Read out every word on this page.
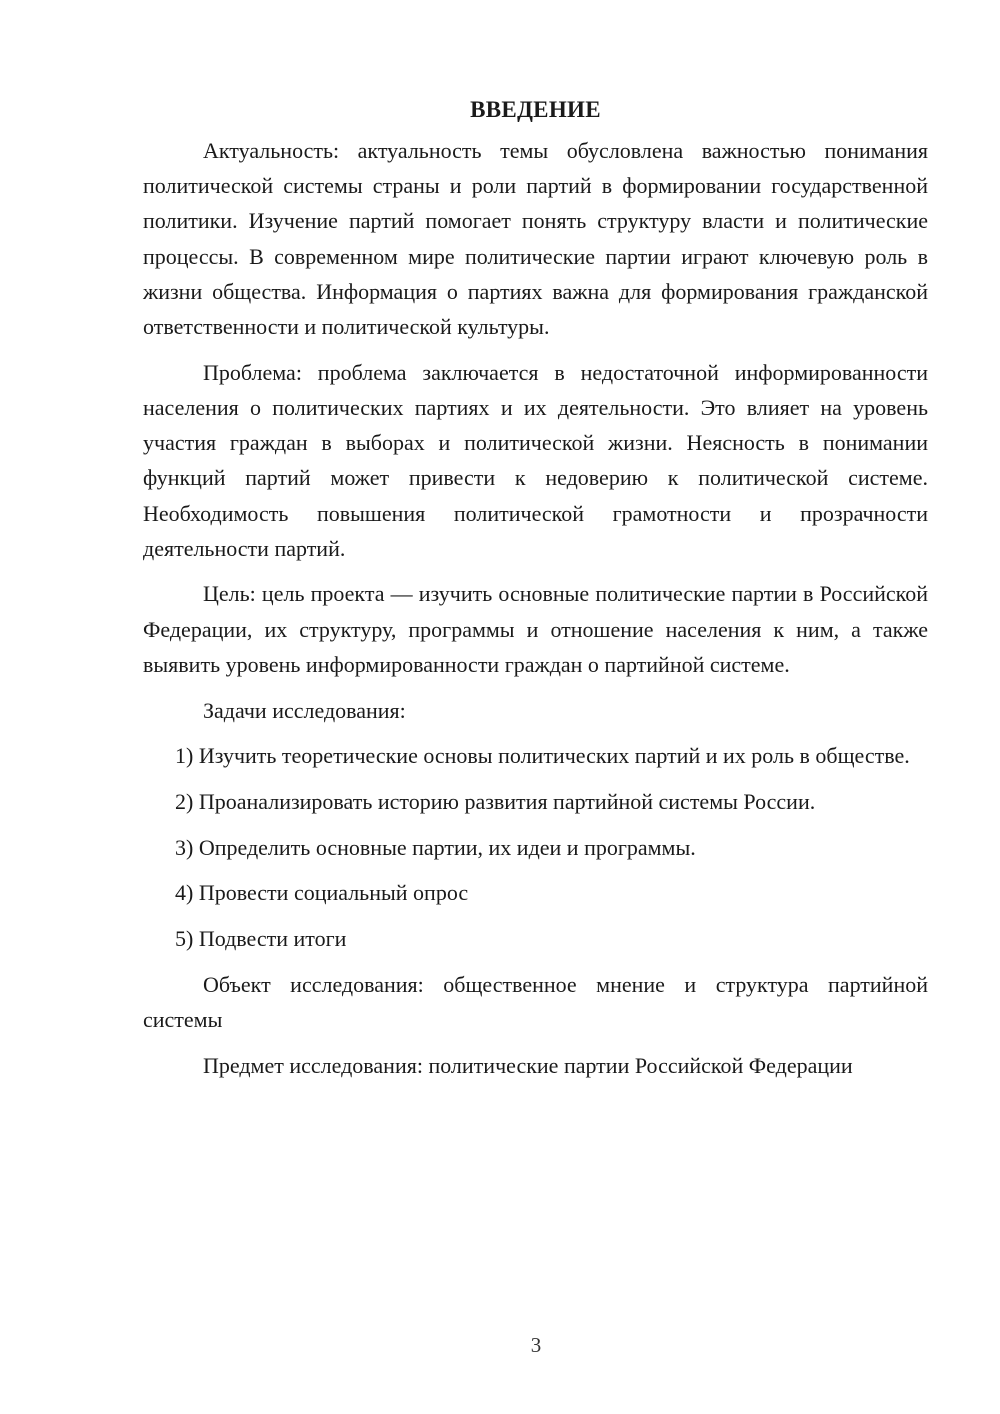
ВВЕДЕНИЕ

Актуальность: актуальность темы обусловлена важностью понимания политической системы страны и роли партий в формировании государственной политики. Изучение партий помогает понять структуру власти и политические процессы. В современном мире политические партии играют ключевую роль в жизни общества. Информация о партиях важна для формирования гражданской ответственности и политической культуры.

Проблема: проблема заключается в недостаточной информированности населения о политических партиях и их деятельности. Это влияет на уровень участия граждан в выборах и политической жизни. Неясность в понимании функций партий может привести к недоверию к политической системе. Необходимость повышения политической грамотности и прозрачности деятельности партий.

Цель: цель проекта — изучить основные политические партии в Российской Федерации, их структуру, программы и отношение населения к ним, а также выявить уровень информированности граждан о партийной системе.

Задачи исследования:

1) Изучить теоретические основы политических партий и их роль в обществе.

2) Проанализировать историю развития партийной системы России.

3) Определить основные партии, их идеи и программы.

4) Провести социальный опрос

5) Подвести итоги

Объект исследования: общественное мнение и структура партийной системы

Предмет исследования: политические партии Российской Федерации

3
